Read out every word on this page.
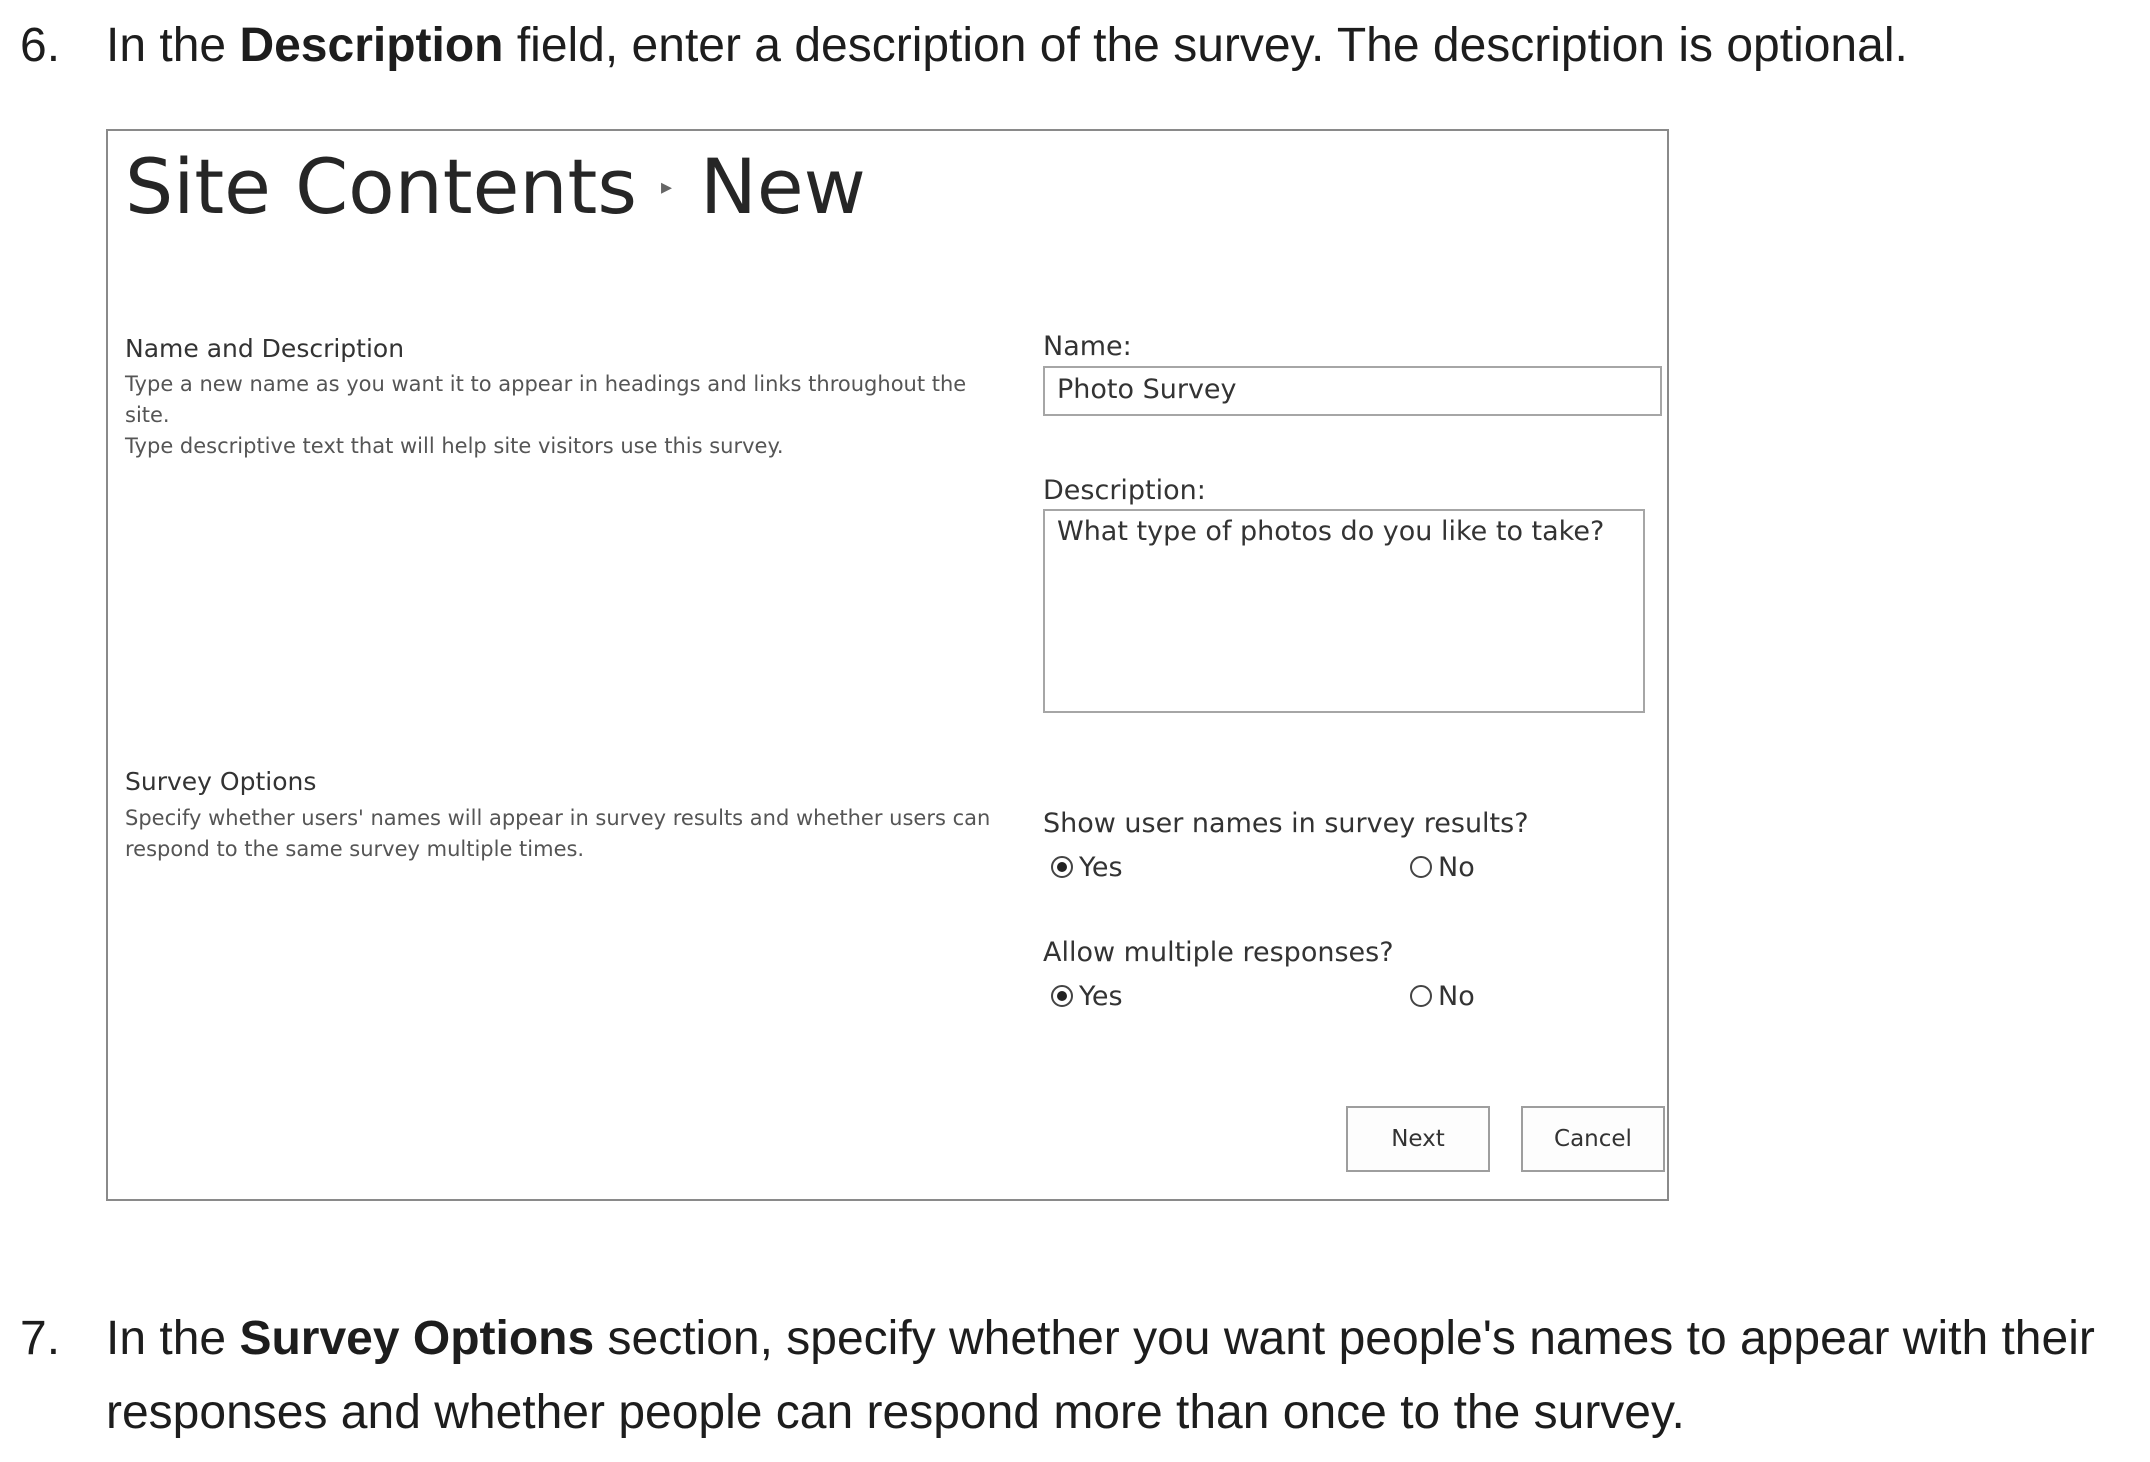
6. In the Description field, enter a description of the survey. The description is optional.
Site Contents ▸ New
Name and Description
Type a new name as you want it to appear in headings and links throughout the site.
Type descriptive text that will help site visitors use this survey.
Name:
Photo Survey
Description:
What type of photos do you like to take?
Survey Options
Specify whether users' names will appear in survey results and whether users can
respond to the same survey multiple times.
Show user names in survey results?
Yes	No
Allow multiple responses?
Yes	No
Next	Cancel
7. In the Survey Options section, specify whether you want people's names to appear with their
responses and whether people can respond more than once to the survey.
